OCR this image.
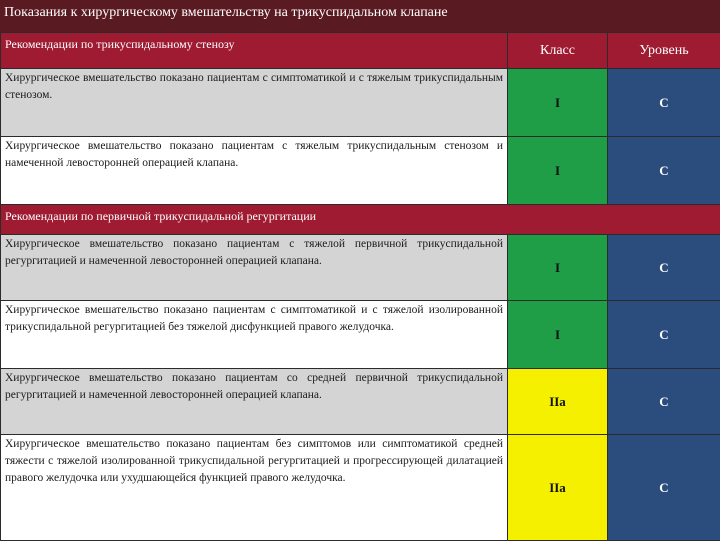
Показания к хирургическому вмешательству на трикуспидальном клапане
Рекомендации по трикуспидальному стенозу	Класс	Уровень
Хирургическое вмешательство показано пациентам с симптоматикой и с тяжелым трикуспидальным стенозом.	I	C
Хирургическое вмешательство показано пациентам с тяжелым трикуспидальным стенозом и намеченной левосторонней операцией клапана.	I	C
Рекомендации по первичной трикуспидальной регургитации		
Хирургическое вмешательство показано пациентам с тяжелой первичной трикуспидальной регургитацией и намеченной левосторонней операцией клапана.	I	C
Хирургическое вмешательство показано пациентам с симптоматикой и с тяжелой изолированной трикуспидальной регургитацией без тяжелой дисфункцией правого желудочка.	I	C
Хирургическое вмешательство показано пациентам со средней первичной трикуспидальной регургитацией и намеченной левосторонней операцией клапана.	IIa	C
Хирургическое вмешательство показано пациентам без симптомов или симптоматикой средней тяжести с тяжелой изолированной трикуспидальной регургитацией и прогрессирующей дилатацией правого желудочка или ухудшающейся функцией правого желудочка.	IIa	C
